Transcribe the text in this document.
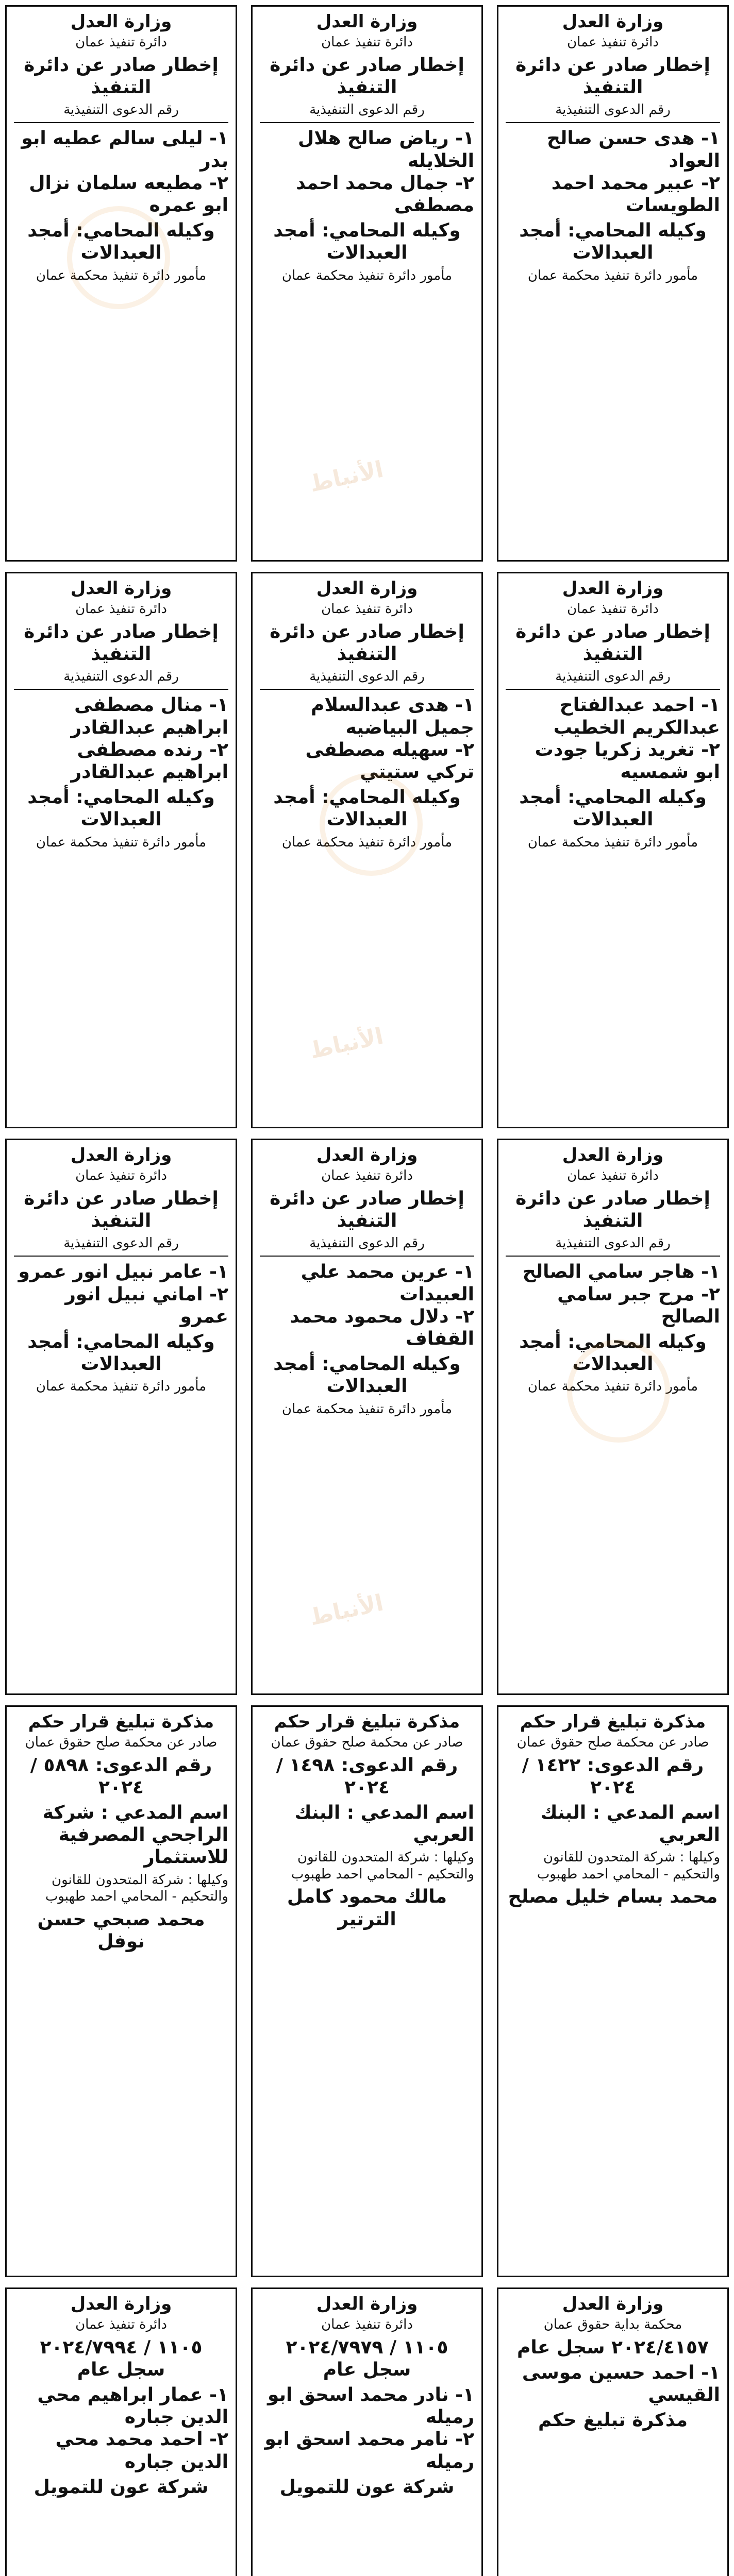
وزارة العدل
دائرة تنفيذ عمان
إخطار صادر عن دائرة التنفيذ
رقم الدعوى التنفيذية
١- هدى حسن صالح العواد
٢- عبير محمد احمد الطويسات
وكيله المحامي: أمجد العبدالات
مأمور دائرة تنفيذ محكمة عمان
وزارة العدل
دائرة تنفيذ عمان
إخطار صادر عن دائرة التنفيذ
رقم الدعوى التنفيذية
١- رياض صالح هلال الخلايله
٢- جمال محمد احمد مصطفى
وكيله المحامي: أمجد العبدالات
مأمور دائرة تنفيذ محكمة عمان
وزارة العدل
دائرة تنفيذ عمان
إخطار صادر عن دائرة التنفيذ
رقم الدعوى التنفيذية
١- ليلى سالم عطيه ابو بدر
٢- مطيعه سلمان نزال ابو عمره
وكيله المحامي: أمجد العبدالات
مأمور دائرة تنفيذ محكمة عمان
وزارة العدل
دائرة تنفيذ عمان
إخطار صادر عن دائرة التنفيذ
رقم الدعوى التنفيذية
١- احمد عبدالفتاح عبدالكريم الخطيب
٢- تغريد زكريا جودت ابو شمسيه
وكيله المحامي: أمجد العبدالات
مأمور دائرة تنفيذ محكمة عمان
وزارة العدل
دائرة تنفيذ عمان
إخطار صادر عن دائرة التنفيذ
رقم الدعوى التنفيذية
١- هدى عبدالسلام جميل البياضيه
٢- سهيله مصطفى تركي ستيتي
وكيله المحامي: أمجد العبدالات
مأمور دائرة تنفيذ محكمة عمان
وزارة العدل
دائرة تنفيذ عمان
إخطار صادر عن دائرة التنفيذ
رقم الدعوى التنفيذية
١- منال مصطفى ابراهيم عبدالقادر
٢- رنده مصطفى ابراهيم عبدالقادر
وكيله المحامي: أمجد العبدالات
مأمور دائرة تنفيذ محكمة عمان
وزارة العدل
دائرة تنفيذ عمان
إخطار صادر عن دائرة التنفيذ
رقم الدعوى التنفيذية
١- هاجر سامي الصالح
٢- مرح جبر سامي الصالح
وكيله المحامي: أمجد العبدالات
مأمور دائرة تنفيذ محكمة عمان
وزارة العدل
دائرة تنفيذ عمان
إخطار صادر عن دائرة التنفيذ
رقم الدعوى التنفيذية
١- عرين محمد علي العبيدات
٢- دلال محمود محمد القفاف
وكيله المحامي: أمجد العبدالات
مأمور دائرة تنفيذ محكمة عمان
وزارة العدل
دائرة تنفيذ عمان
إخطار صادر عن دائرة التنفيذ
رقم الدعوى التنفيذية
١- عامر نبيل انور عمرو
٢- اماني نبيل انور عمرو
وكيله المحامي: أمجد العبدالات
مأمور دائرة تنفيذ محكمة عمان
مذكرة تبليغ قرار حكم
صادر عن محكمة صلح حقوق عمان
رقم الدعوى: ١٤٢٢ / ٢٠٢٤
اسم المدعي : البنك العربي
وكيلها : شركة المتحدون للقانون والتحكيم - المحامي احمد طهبوب
محمد بسام خليل مصلح
مذكرة تبليغ قرار حكم
صادر عن محكمة صلح حقوق عمان
رقم الدعوى: ١٤٩٨ / ٢٠٢٤
اسم المدعي : البنك العربي
وكيلها : شركة المتحدون للقانون والتحكيم - المحامي احمد طهبوب
مالك محمود كامل الترتير
مذكرة تبليغ قرار حكم
صادر عن محكمة صلح حقوق عمان
رقم الدعوى: ٥٨٩٨ / ٢٠٢٤
اسم المدعي : شركة الراجحي المصرفية للاستثمار
وكيلها : شركة المتحدون للقانون والتحكيم - المحامي احمد طهبوب
محمد صبحي حسن نوفل
وزارة العدل
محكمة بداية حقوق عمان
٢٠٢٤/٤١٥٧ سجل عام
١- احمد حسين موسى القيسي
مذكرة تبليغ حكم
وزارة العدل
دائرة تنفيذ عمان
١١٠٥ / ٢٠٢٤/٧٩٧٩ سجل عام
١- نادر محمد اسحق ابو رميله
٢- نامر محمد اسحق ابو رميله
شركة عون للتمويل
وزارة العدل
دائرة تنفيذ عمان
١١٠٥ / ٢٠٢٤/٧٩٩٤ سجل عام
١- عمار ابراهيم محي الدين جباره
٢- احمد محمد محي الدين جباره
شركة عون للتمويل
